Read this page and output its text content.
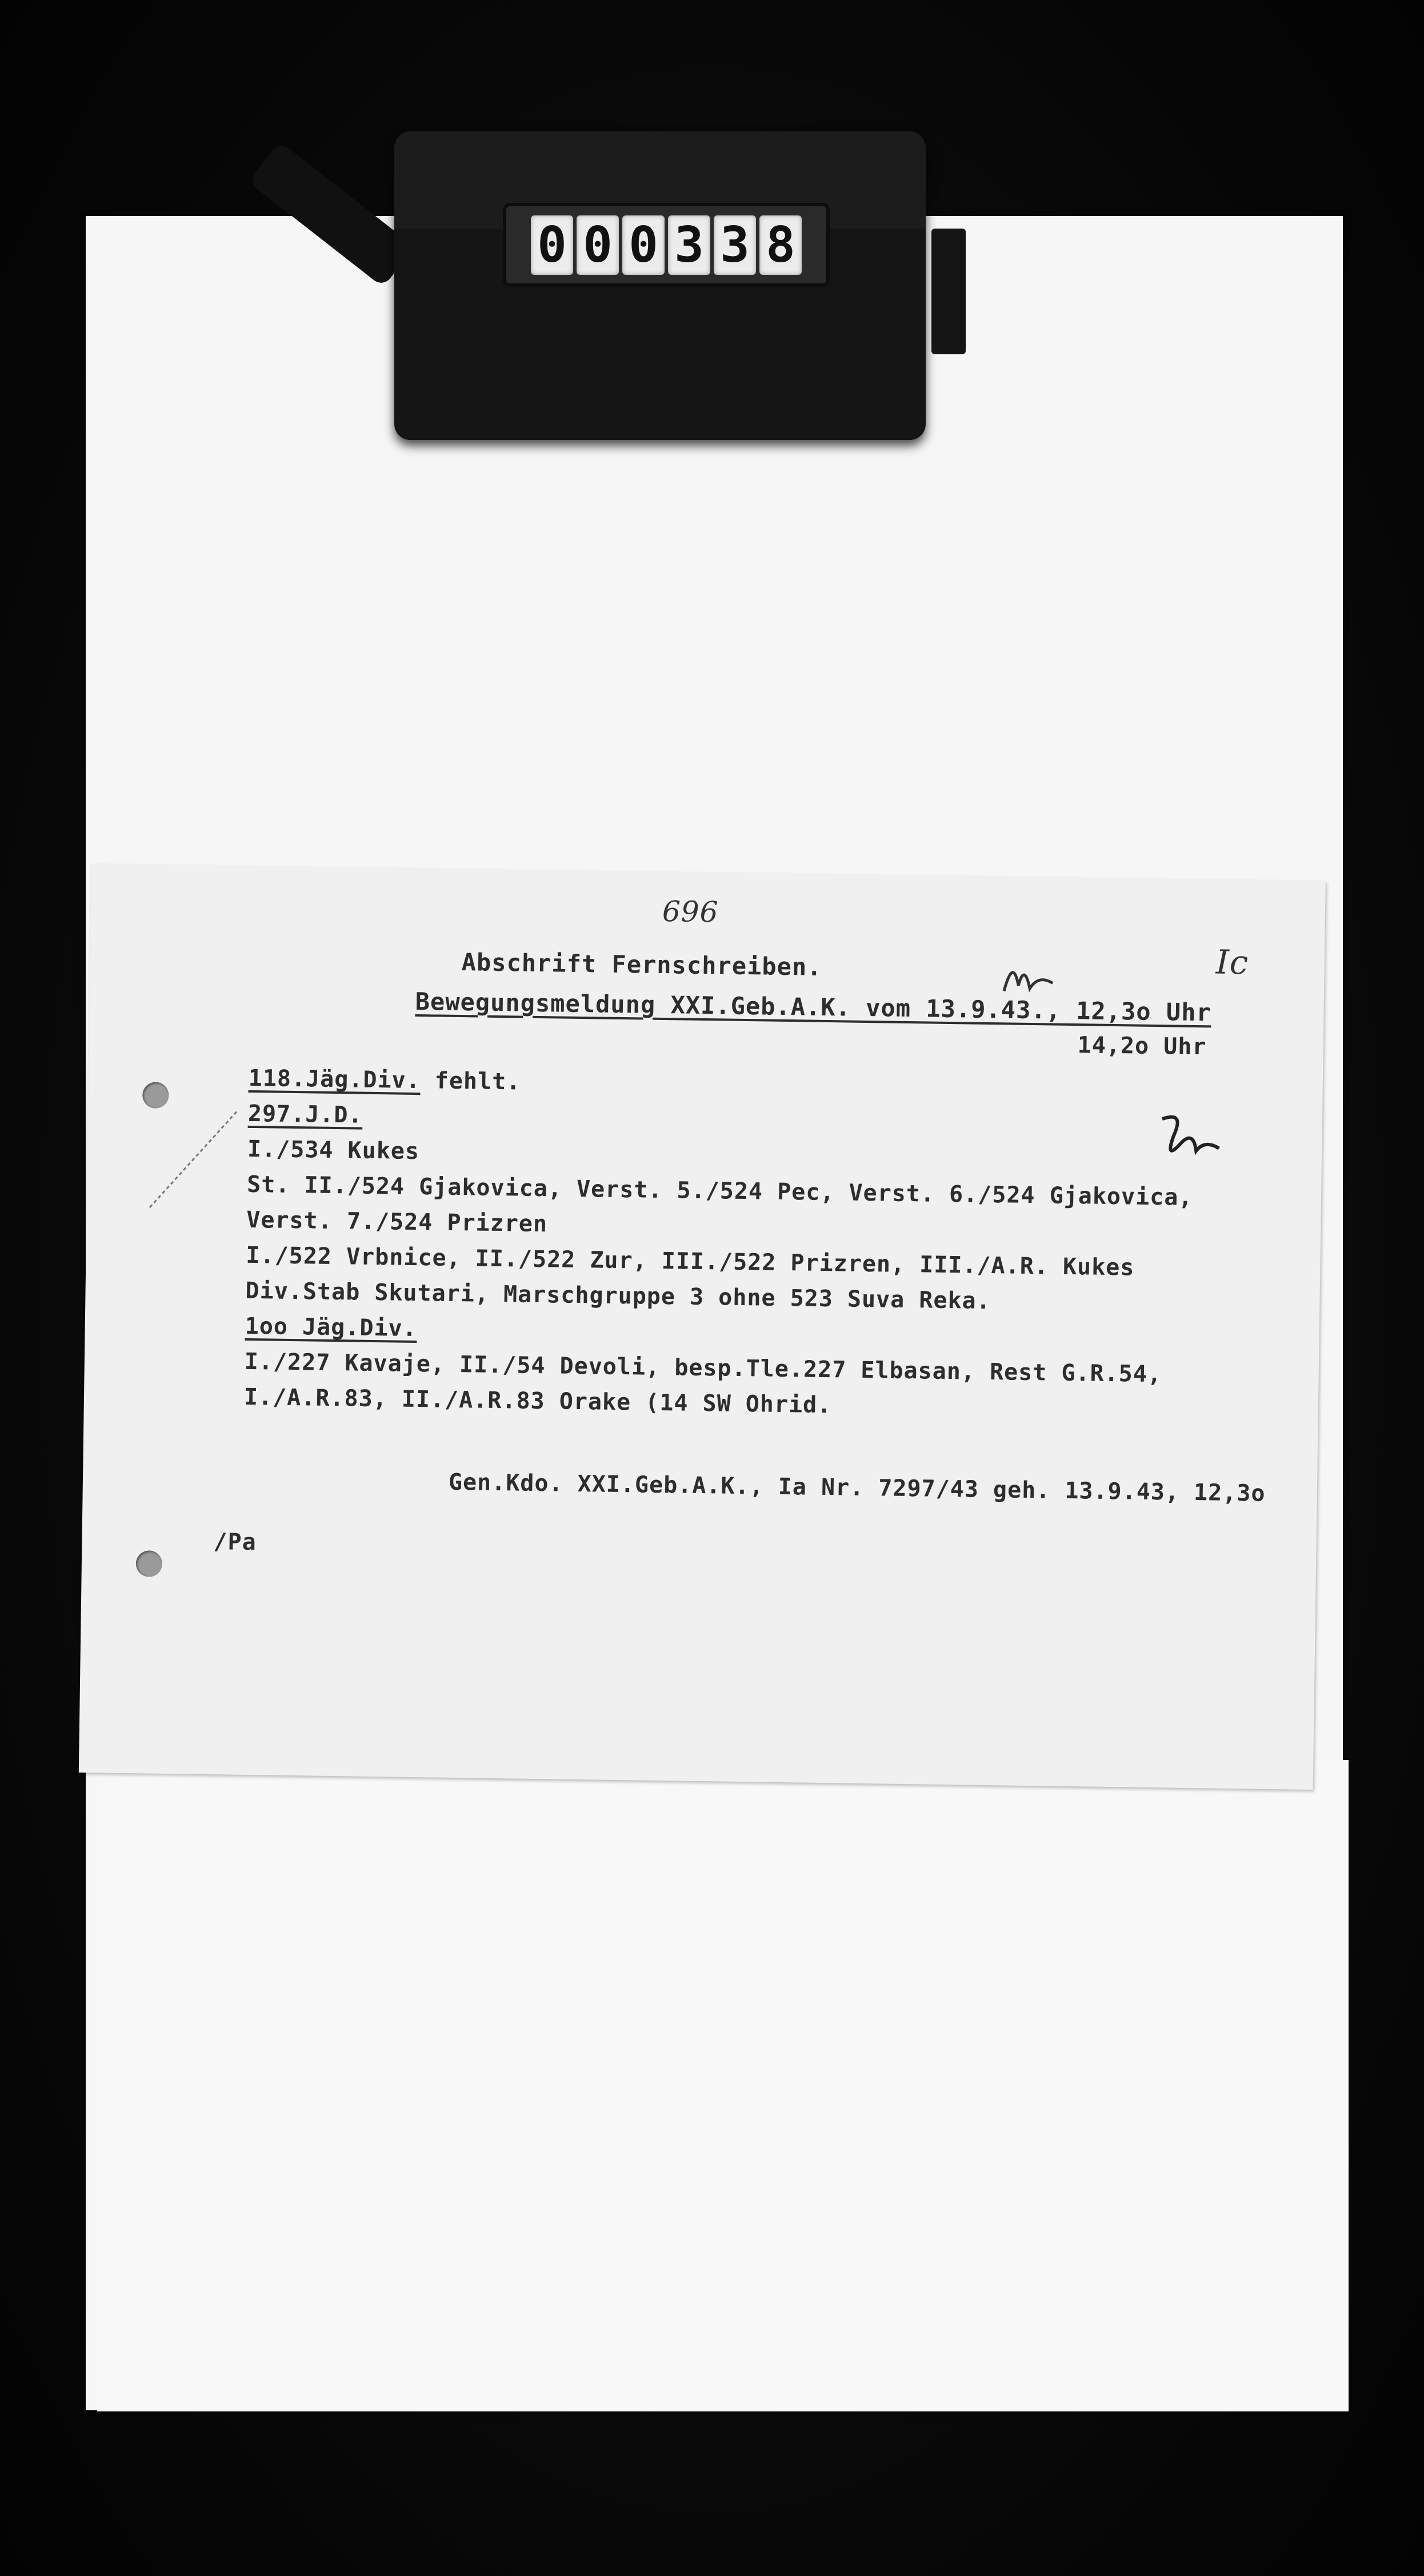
0 0 0 3 3 8
696
Ic
Abschrift Fernschreiben.
Bewegungsmeldung XXI.Geb.A.K. vom 13.9.43., 12,3o Uhr
14,2o Uhr
118.Jäg.Div. fehlt.
297.J.D.
I./534 Kukes
St. II./524 Gjakovica, Verst. 5./524 Pec, Verst. 6./524 Gjakovica,
Verst. 7./524 Prizren
I./522 Vrbnice, II./522 Zur, III./522 Prizren, III./A.R. Kukes
Div.Stab Skutari, Marschgruppe 3 ohne 523 Suva Reka.
1oo Jäg.Div.
I./227 Kavaje, II./54 Devoli, besp.Tle.227 Elbasan, Rest G.R.54,
I./A.R.83, II./A.R.83 Orake (14 SW Ohrid.
Gen.Kdo. XXI.Geb.A.K., Ia Nr. 7297/43 geh. 13.9.43, 12,3o
/Pa
